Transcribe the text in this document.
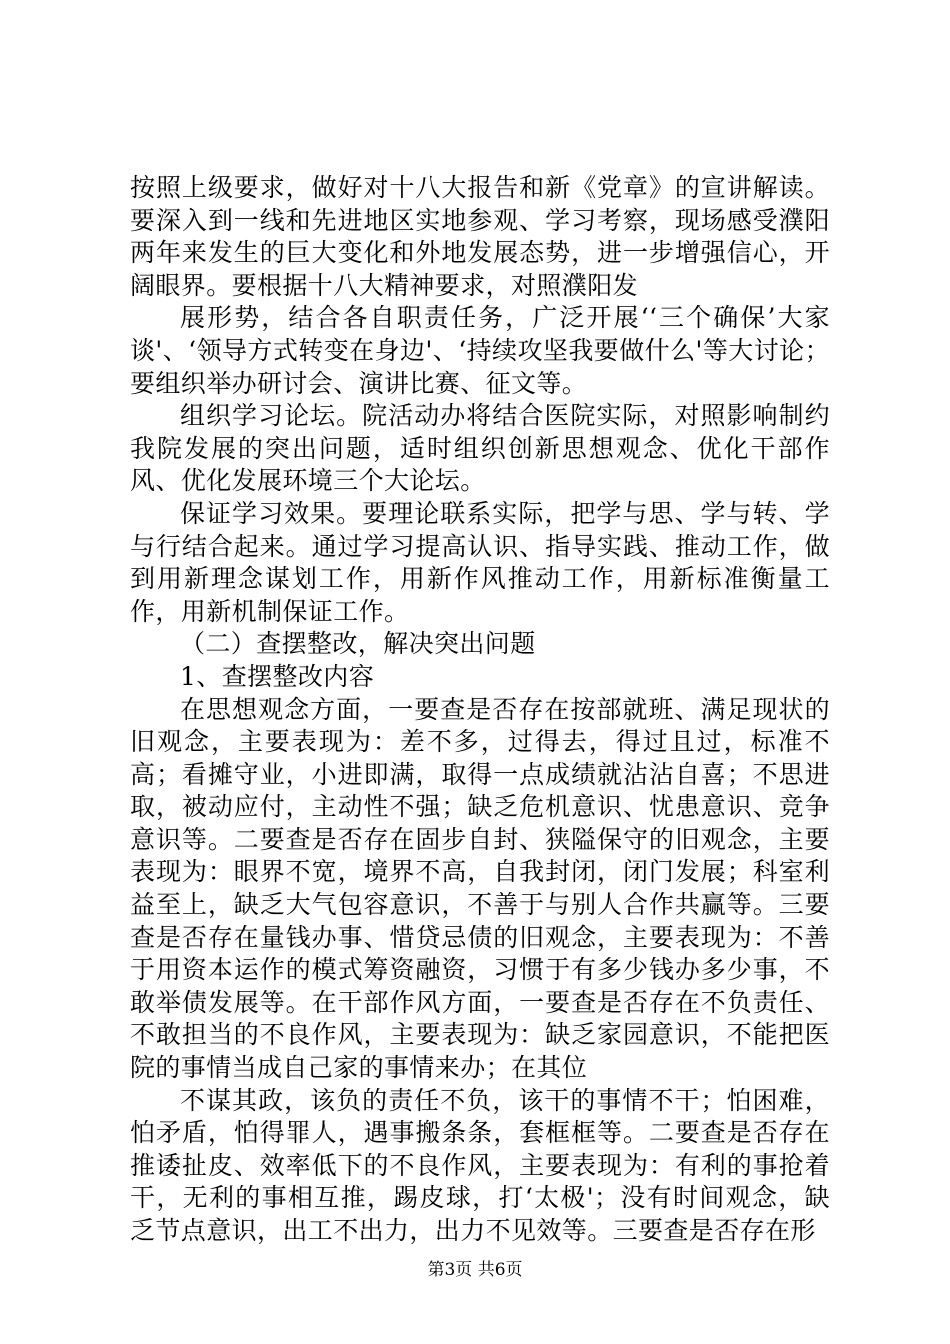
按照上级要求，做好对十八大报告和新《党章》的宣讲解读。要深入到一线和先进地区实地参观、学习考察，现场感受濮阳两年来发生的巨大变化和外地发展态势，进一步增强信心，开阔眼界。要根据十八大精神要求，对照濮阳发

展形势，结合各自职责任务，广泛开展‘‘三个确保’大家谈'、‘领导方式转变在身边'、‘持续攻坚我要做什么'等大讨论；要组织举办研讨会、演讲比赛、征文等。

组织学习论坛。院活动办将结合医院实际，对照影响制约我院发展的突出问题，适时组织创新思想观念、优化干部作风、优化发展环境三个大论坛。

保证学习效果。要理论联系实际，把学与思、学与转、学与行结合起来。通过学习提高认识、指导实践、推动工作，做到用新理念谋划工作，用新作风推动工作，用新标准衡量工作，用新机制保证工作。

（二）查摆整改，解决突出问题

1、查摆整改内容

在思想观念方面，一要查是否存在按部就班、满足现状的旧观念，主要表现为：差不多，过得去，得过且过，标准不高；看摊守业，小进即满，取得一点成绩就沾沾自喜；不思进取，被动应付，主动性不强；缺乏危机意识、忧患意识、竞争意识等。二要查是否存在固步自封、狭隘保守的旧观念，主要表现为：眼界不宽，境界不高，自我封闭，闭门发展；科室利益至上，缺乏大气包容意识，不善于与别人合作共赢等。三要查是否存在量钱办事、惜贷忌债的旧观念，主要表现为：不善于用资本运作的模式筹资融资，习惯于有多少钱办多少事，不敢举债发展等。在干部作风方面，一要查是否存在不负责任、不敢担当的不良作风，主要表现为：缺乏家园意识，不能把医院的事情当成自己家的事情来办；在其位

不谋其政，该负的责任不负，该干的事情不干；怕困难，怕矛盾，怕得罪人，遇事搬条条，套框框等。二要查是否存在推诿扯皮、效率低下的不良作风，主要表现为：有利的事抢着干，无利的事相互推，踢皮球，打‘太极'；没有时间观念，缺乏节点意识，出工不出力，出力不见效等。三要查是否存在形

第3页 共6页
